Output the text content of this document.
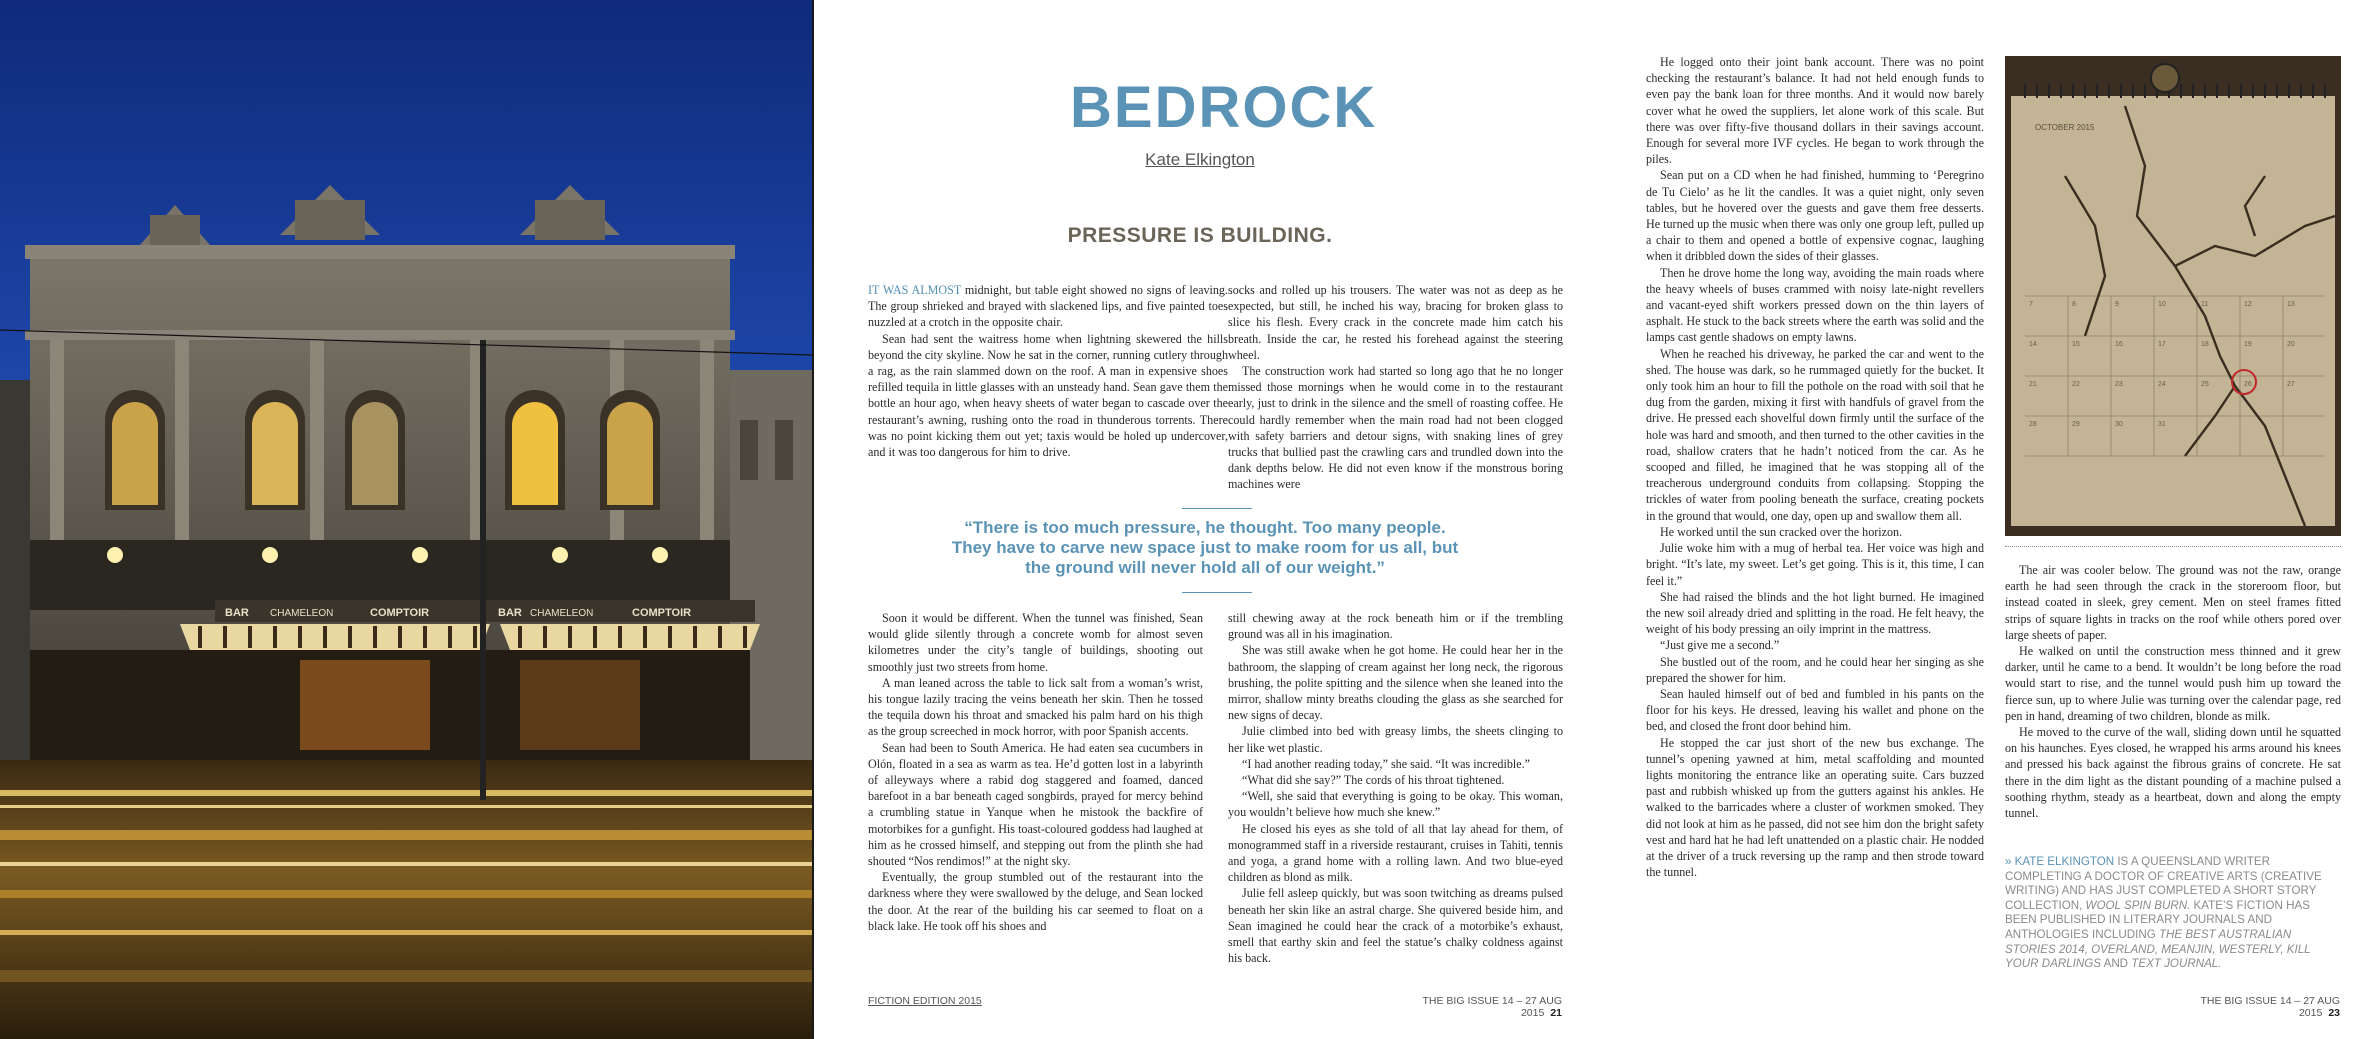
BAR CHAMELEON	COMPTOIR	BAR CHAMELEON	COMPTOIR
BEDROCK
Kate Elkington
PRESSURE IS BUILDING.

IT WAS ALMOST midnight, but table eight showed no signs of leaving. The group shrieked and brayed with slackened lips, and five painted toes nuzzled at a crotch in the opposite chair.

Sean had sent the waitress home when lightning skewered the hills beyond the city skyline. Now he sat in the corner, running cutlery through a rag, as the rain slammed down on the roof. A man in expensive shoes refilled tequila in little glasses with an unsteady hand. Sean gave them the bottle an hour ago, when heavy sheets of water began to cascade over the restaurant’s awning, rushing onto the road in thunderous torrents. There was no point kicking them out yet; taxis would be holed up undercover, and it was too dangerous for him to drive.

socks and rolled up his trousers. The water was not as deep as he expected, but still, he inched his way, bracing for broken glass to slice his flesh. Every crack in the concrete made him catch his breath. Inside the car, he rested his forehead against the steering wheel.

The construction work had started so long ago that he no longer missed those mornings when he would come in to the restaurant early, just to drink in the silence and the smell of roasting coffee. He could hardly remember when the main road had not been clogged with safety barriers and detour signs, with snaking lines of grey trucks that bullied past the crawling cars and trundled down into the dank depths below. He did not even know if the monstrous boring machines were

“There is too much pressure, he thought. Too many people. They have to carve new space just to make room for us all, but the ground will never hold all of our weight.”

Soon it would be different. When the tunnel was finished, Sean would glide silently through a concrete womb for almost seven kilometres under the city’s tangle of buildings, shooting out smoothly just two streets from home.

A man leaned across the table to lick salt from a woman’s wrist, his tongue lazily tracing the veins beneath her skin. Then he tossed the tequila down his throat and smacked his palm hard on his thigh as the group screeched in mock horror, with poor Spanish accents.

Sean had been to South America. He had eaten sea cucumbers in Olón, floated in a sea as warm as tea. He’d gotten lost in a labyrinth of alleyways where a rabid dog staggered and foamed, danced barefoot in a bar beneath caged songbirds, prayed for mercy behind a crumbling statue in Yanque when he mistook the backfire of motorbikes for a gunfight. His toast-coloured goddess had laughed at him as he crossed himself, and stepping out from the plinth she had shouted “Nos rendimos!” at the night sky.

Eventually, the group stumbled out of the restaurant into the darkness where they were swallowed by the deluge, and Sean locked the door. At the rear of the building his car seemed to float on a black lake. He took off his shoes and

still chewing away at the rock beneath him or if the trembling ground was all in his imagination.

She was still awake when he got home. He could hear her in the bathroom, the slapping of cream against her long neck, the rigorous brushing, the polite spitting and the silence when she leaned into the mirror, shallow minty breaths clouding the glass as she searched for new signs of decay.

Julie climbed into bed with greasy limbs, the sheets clinging to her like wet plastic.

“I had another reading today,” she said. “It was incredible.”

“What did she say?” The cords of his throat tightened.

“Well, she said that everything is going to be okay. This woman, you wouldn’t believe how much she knew.”

He closed his eyes as she told of all that lay ahead for them, of monogrammed staff in a riverside restaurant, cruises in Tahiti, tennis and yoga, a grand home with a rolling lawn. And two blue-eyed children as blond as milk.

Julie fell asleep quickly, but was soon twitching as dreams pulsed beneath her skin like an astral charge. She quivered beside him, and Sean imagined he could hear the crack of a motorbike’s exhaust, smell that earthy skin and feel the statue’s chalky coldness against his back.

He logged onto their joint bank account. There was no point checking the restaurant’s balance. It had not held enough funds to even pay the bank loan for three months. And it would now barely cover what he owed the suppliers, let alone work of this scale. But there was over fifty-five thousand dollars in their savings account. Enough for several more IVF cycles. He began to work through the piles.

Sean put on a CD when he had finished, humming to ‘Peregrino de Tu Cielo’ as he lit the candles. It was a quiet night, only seven tables, but he hovered over the guests and gave them free desserts. He turned up the music when there was only one group left, pulled up a chair to them and opened a bottle of expensive cognac, laughing when it dribbled down the sides of their glasses.

Then he drove home the long way, avoiding the main roads where the heavy wheels of buses crammed with noisy late-night revellers and vacant-eyed shift workers pressed down on the thin layers of asphalt. He stuck to the back streets where the earth was solid and the lamps cast gentle shadows on empty lawns.

When he reached his driveway, he parked the car and went to the shed. The house was dark, so he rummaged quietly for the bucket. It only took him an hour to fill the pothole on the road with soil that he dug from the garden, mixing it first with handfuls of gravel from the drive. He pressed each shovelful down firmly until the surface of the hole was hard and smooth, and then turned to the other cavities in the road, shallow craters that he hadn’t noticed from the car. As he scooped and filled, he imagined that he was stopping all of the treacherous underground conduits from collapsing. Stopping the trickles of water from pooling beneath the surface, creating pockets in the ground that would, one day, open up and swallow them all.

He worked until the sun cracked over the horizon.

Julie woke him with a mug of herbal tea. Her voice was high and bright. “It’s late, my sweet. Let’s get going. This is it, this time, I can feel it.”

She had raised the blinds and the hot light burned. He imagined the new soil already dried and splitting in the road. He felt heavy, the weight of his body pressing an oily imprint in the mattress.

“Just give me a second.”

She bustled out of the room, and he could hear her singing as she prepared the shower for him.

Sean hauled himself out of bed and fumbled in his pants on the floor for his keys. He dressed, leaving his wallet and phone on the bed, and closed the front door behind him.

He stopped the car just short of the new bus exchange. The tunnel’s opening yawned at him, metal scaffolding and mounted lights monitoring the entrance like an operating suite. Cars buzzed past and rubbish whisked up from the gutters against his ankles. He walked to the barricades where a cluster of workmen smoked. They did not look at him as he passed, did not see him don the bright safety vest and hard hat he had left unattended on a plastic chair. He nodded at the driver of a truck reversing up the ramp and then strode toward the tunnel.

OCTOBER 2015
7	8	9	10	11	12	13
14	15	16	17	18	19	20
21	22	23	24	25	26	27
28	29	30	31

The air was cooler below. The ground was not the raw, orange earth he had seen through the crack in the storeroom floor, but instead coated in sleek, grey cement. Men on steel frames fitted strips of square lights in tracks on the roof while others pored over large sheets of paper.

He walked on until the construction mess thinned and it grew darker, until he came to a bend. It wouldn’t be long before the road would start to rise, and the tunnel would push him up toward the fierce sun, up to where Julie was turning over the calendar page, red pen in hand, dreaming of two children, blonde as milk.

He moved to the curve of the wall, sliding down until he squatted on his haunches. Eyes closed, he wrapped his arms around his knees and pressed his back against the fibrous grains of concrete. He sat there in the dim light as the distant pounding of a machine pulsed a soothing rhythm, steady as a heartbeat, down and along the empty tunnel.

» KATE ELKINGTON IS A QUEENSLAND WRITER COMPLETING A DOCTOR OF CREATIVE ARTS (CREATIVE WRITING) AND HAS JUST COMPLETED A SHORT STORY COLLECTION, WOOL SPIN BURN. KATE’S FICTION HAS BEEN PUBLISHED IN LITERARY JOURNALS AND ANTHOLOGIES INCLUDING THE BEST AUSTRALIAN STORIES 2014, OVERLAND, MEANJIN, WESTERLY, KILL YOUR DARLINGS AND TEXT JOURNAL.
FICTION EDITION 2015	THE BIG ISSUE 14 – 27 AUG 2015 21
THE BIG ISSUE 14 – 27 AUG 2015 23
